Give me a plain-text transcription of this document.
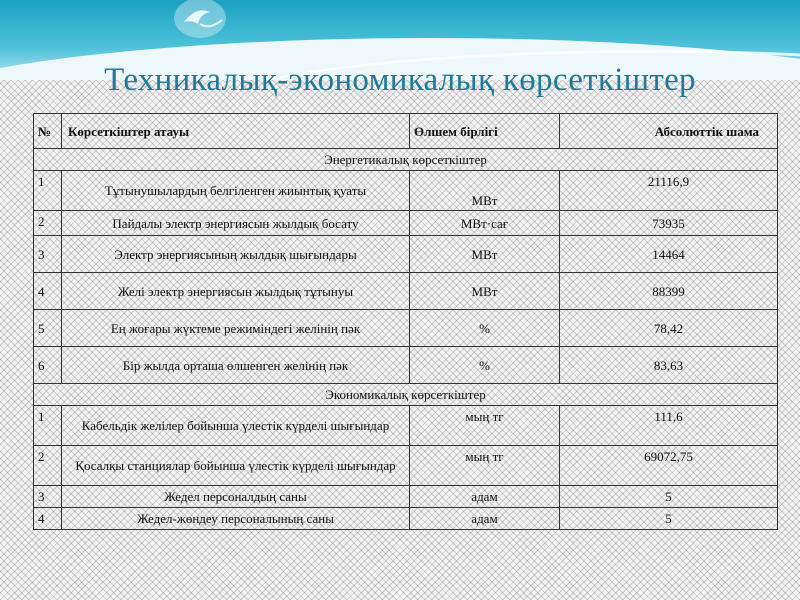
Техникалық-экономикалық көрсеткіштер
№	Көрсеткіштер атауы	Өлшем бірлігі	Абсолюттік шама
Энергетикалық көрсеткіштер			
1	Тұтынушылардың белгіленген жиынтық қуаты	МВт	21116,9
2	Пайдалы электр энергиясын жылдық босату	МВт·сағ	73935
3	Электр энергиясының жылдық шығындары	МВт	14464
4	Желі электр энергиясын жылдық тұтынуы	МВт	88399
5	Ең жоғары жүктеме режиміндегі желінің пәк	%	78,42
6	Бір жылда орташа өлшенген желінің пәк	%	83,63
Экономикалық көрсеткіштер			
1	Кабельдік желілер бойынша үлестік күрделі шығындар	мың тг	111,6
2	Қосалқы станциялар бойынша үлестік күрделі шығындар	мың тг	69072,75
3	Жедел персоналдың саны	адам	5
4	Жедел-жөндеу персоналының саны	адам	5
